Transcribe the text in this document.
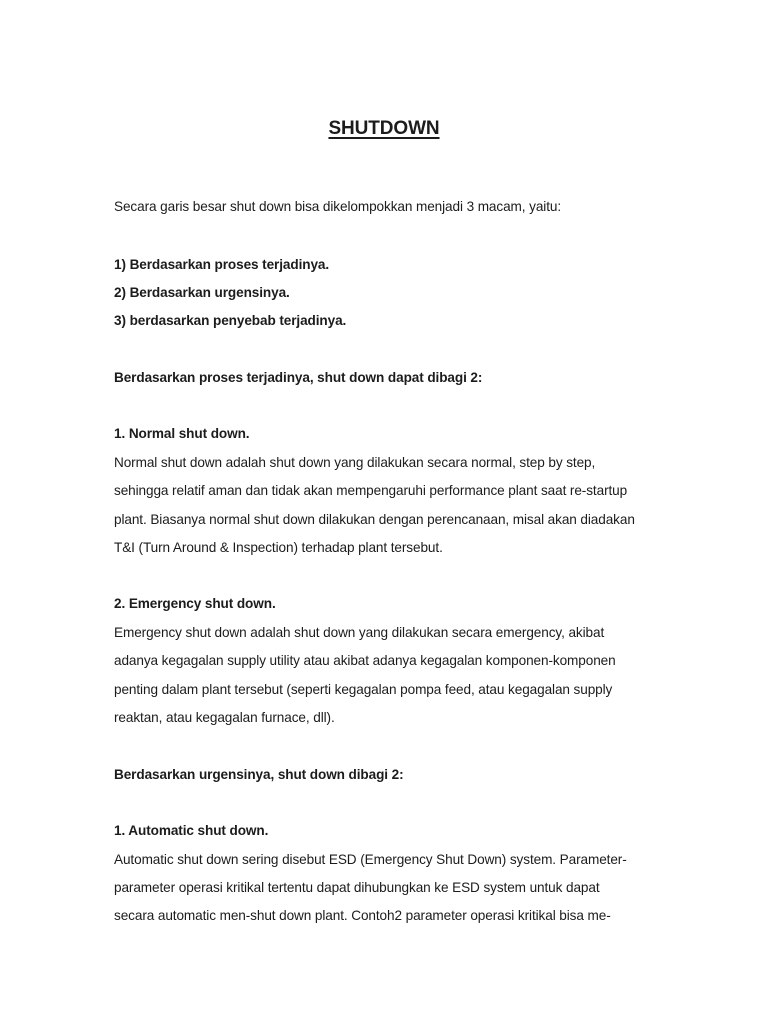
SHUTDOWN

Secara garis besar shut down bisa dikelompokkan menjadi 3 macam, yaitu:

1) Berdasarkan proses terjadinya.

2) Berdasarkan urgensinya.

3) berdasarkan penyebab terjadinya.

Berdasarkan proses terjadinya, shut down dapat dibagi 2:

1. Normal shut down.

Normal shut down adalah shut down yang dilakukan secara normal, step by step,

sehingga relatif aman dan tidak akan mempengaruhi performance plant saat re-startup

plant. Biasanya normal shut down dilakukan dengan perencanaan, misal akan diadakan

T&I (Turn Around & Inspection) terhadap plant tersebut.

2. Emergency shut down.

Emergency shut down adalah shut down yang dilakukan secara emergency, akibat

adanya kegagalan supply utility atau akibat adanya kegagalan komponen-komponen

penting dalam plant tersebut (seperti kegagalan pompa feed, atau kegagalan supply

reaktan, atau kegagalan furnace, dll).

Berdasarkan urgensinya, shut down dibagi 2:

1. Automatic shut down.

Automatic shut down sering disebut ESD (Emergency Shut Down) system. Parameter-

parameter operasi kritikal tertentu dapat dihubungkan ke ESD system untuk dapat

secara automatic men-shut down plant. Contoh2 parameter operasi kritikal bisa me-
